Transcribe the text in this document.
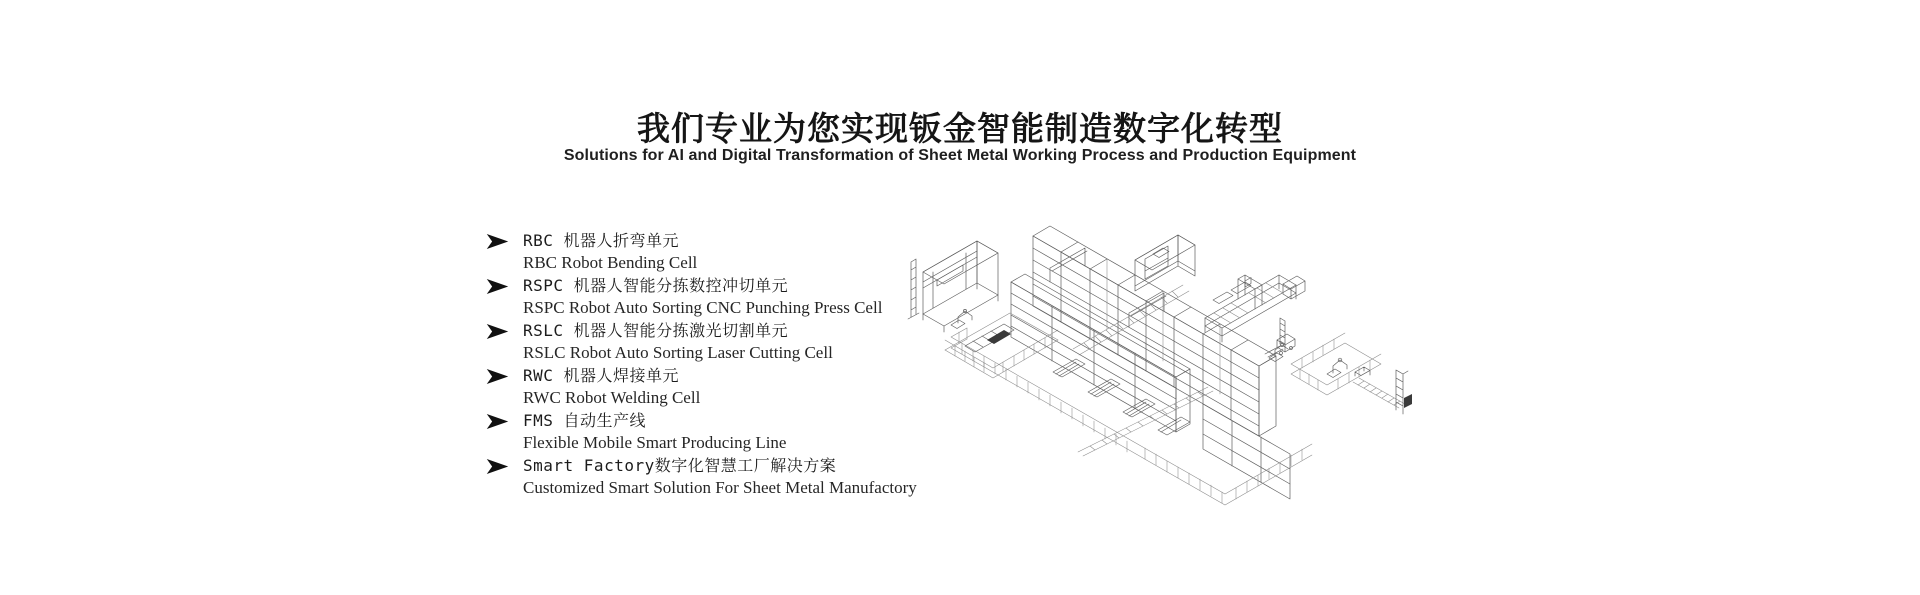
我们专业为您实现钣金智能制造数字化转型

Solutions for AI and Digital Transformation of Sheet Metal Working Process and Production Equipment

RBC 机器人折弯单元
RBC Robot Bending Cell
RSPC 机器人智能分拣数控冲切单元
RSPC Robot Auto Sorting CNC Punching Press Cell
RSLC 机器人智能分拣激光切割单元
RSLC Robot Auto Sorting Laser Cutting Cell
RWC 机器人焊接单元
RWC Robot Welding Cell
FMS 自动生产线
Flexible Mobile Smart Producing Line
Smart Factory数字化智慧工厂解决方案
Customized Smart Solution For Sheet Metal Manufactory
